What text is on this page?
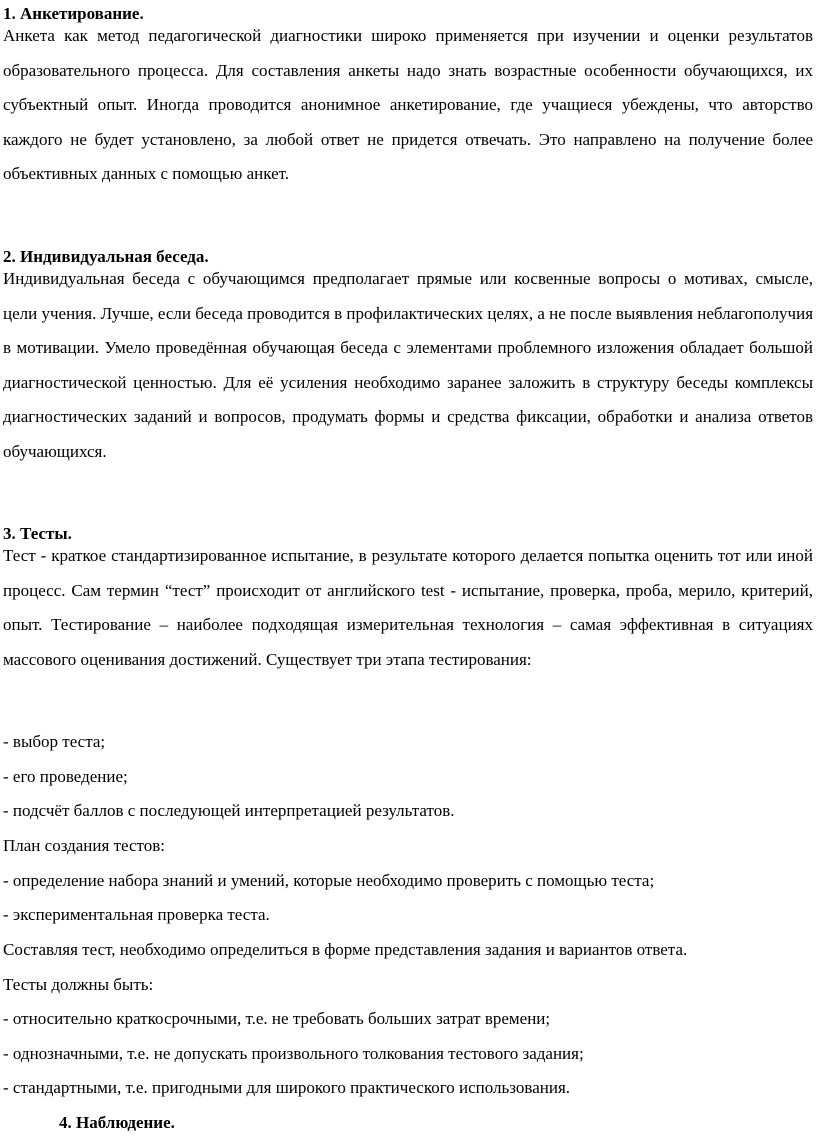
1. Анкетирование.

Анкета как метод педагогической диагностики широко применяется при изучении и оценки результатов образовательного процесса. Для составления анкеты надо знать возрастные особенности обучающихся, их субъектный опыт. Иногда проводится анонимное анкетирование, где учащиеся убеждены, что авторство каждого не будет установлено, за любой ответ не придется отвечать. Это направлено на получение более объективных данных с помощью анкет.

2. Индивидуальная беседа.

Индивидуальная беседа с обучающимся предполагает прямые или косвенные вопросы о мотивах, смысле, цели учения. Лучше, если беседа проводится в профилактических целях, а не после выявления неблагополучия в мотивации. Умело проведённая обучающая беседа с элементами проблемного изложения обладает большой диагностической ценностью. Для её усиления необходимо заранее заложить в структуру беседы комплексы диагностических заданий и вопросов, продумать формы и средства фиксации, обработки и анализа ответов обучающихся.

3. Тесты.

Тест - краткое стандартизированное испытание, в результате которого делается попытка оценить тот или иной процесс. Сам термин “тест” происходит от английского test - испытание, проверка, проба, мерило, критерий, опыт. Тестирование – наиболее подходящая измерительная технология – самая эффективная в ситуациях массового оценивания достижений. Существует три этапа тестирования:

- выбор теста;
- его проведение;
- подсчёт баллов с последующей интерпретацией результатов.
План создания тестов:
- определение набора знаний и умений, которые необходимо проверить с помощью теста;
- экспериментальная проверка теста.
Составляя тест, необходимо определиться в форме представления задания и вариантов ответа.
Тесты должны быть:
- относительно краткосрочными, т.е. не требовать больших затрат времени;
- однозначными, т.е. не допускать произвольного толкования тестового задания;
- стандартными, т.е. пригодными для широкого практического использования.
4. Наблюдение.
